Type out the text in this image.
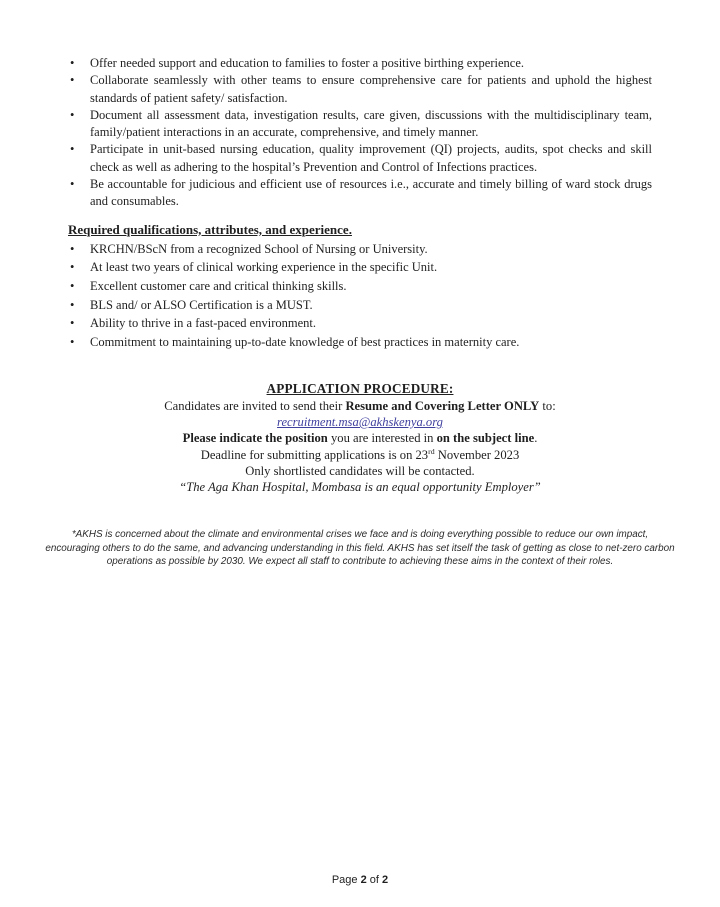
• Offer needed support and education to families to foster a positive birthing experience.
• Collaborate seamlessly with other teams to ensure comprehensive care for patients and uphold the highest standards of patient safety/ satisfaction.
• Document all assessment data, investigation results, care given, discussions with the multidisciplinary team, family/patient interactions in an accurate, comprehensive, and timely manner.
• Participate in unit-based nursing education, quality improvement (QI) projects, audits, spot checks and skill check as well as adhering to the hospital’s Prevention and Control of Infections practices.
• Be accountable for judicious and efficient use of resources i.e., accurate and timely billing of ward stock drugs and consumables.
Required qualifications, attributes, and experience.
• KRCHN/BScN from a recognized School of Nursing or University.
• At least two years of clinical working experience in the specific Unit.
• Excellent customer care and critical thinking skills.
• BLS and/ or ALSO Certification is a MUST.
• Ability to thrive in a fast-paced environment.
• Commitment to maintaining up-to-date knowledge of best practices in maternity care.
APPLICATION PROCEDURE:
Candidates are invited to send their Resume and Covering Letter ONLY to:
recruitment.msa@akhskenya.org
Please indicate the position you are interested in on the subject line.
Deadline for submitting applications is on 23rd November 2023
Only shortlisted candidates will be contacted.
“The Aga Khan Hospital, Mombasa is an equal opportunity Employer”
*AKHS is concerned about the climate and environmental crises we face and is doing everything possible to reduce our own impact, encouraging others to do the same, and advancing understanding in this field. AKHS has set itself the task of getting as close to net-zero carbon operations as possible by 2030. We expect all staff to contribute to achieving these aims in the context of their roles.
Page 2 of 2
